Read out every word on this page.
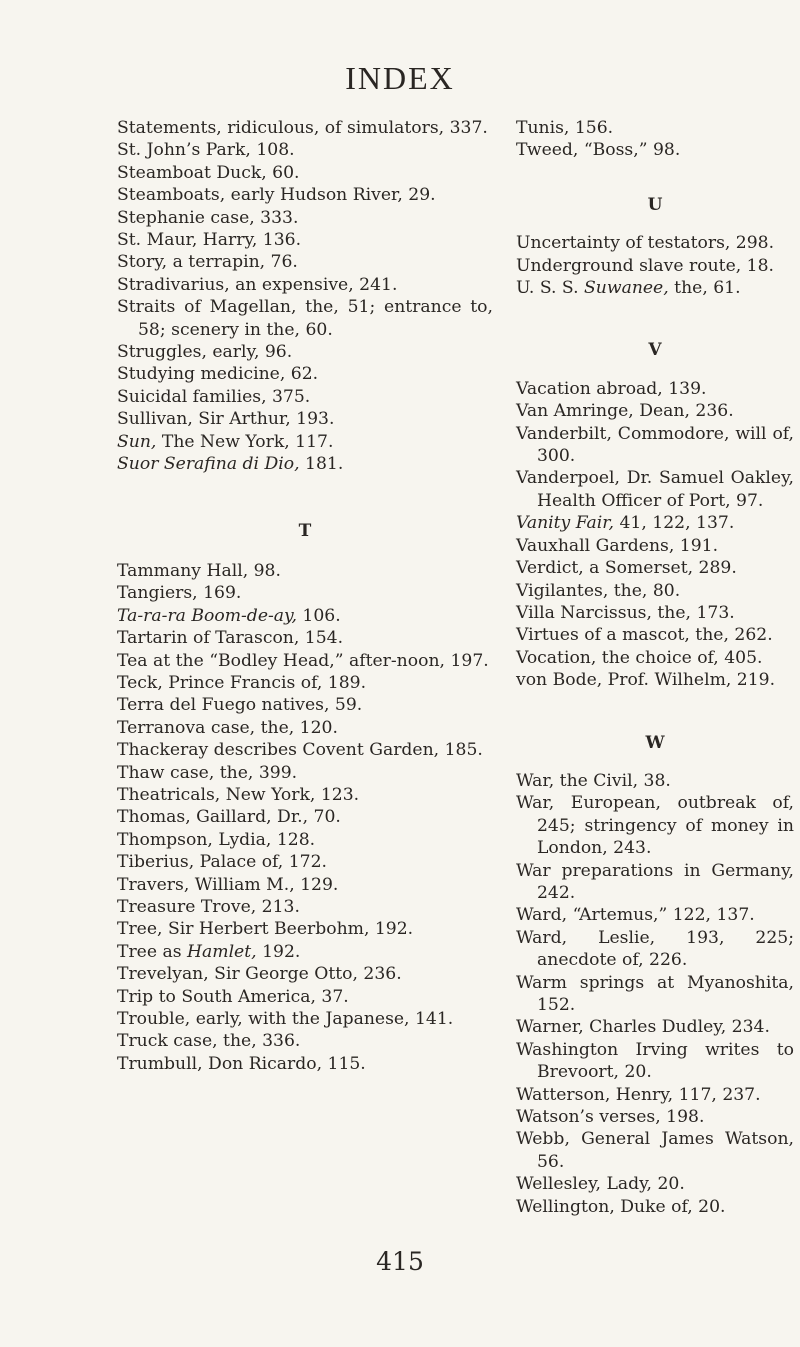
INDEX
Statements, ridiculous, of simulators, 337.
St. John’s Park, 108.
Steamboat Duck, 60.
Steamboats, early Hudson River, 29.
Stephanie case, 333.
St. Maur, Harry, 136.
Story, a terrapin, 76.
Stradivarius, an expensive, 241.
Straits of Magellan, the, 51; entrance to, 58; scenery in the, 60.
Struggles, early, 96.
Studying medicine, 62.
Suicidal families, 375.
Sullivan, Sir Arthur, 193.
Sun, The New York, 117.
Suor Serafina di Dio, 181.
T
Tammany Hall, 98.
Tangiers, 169.
Ta-ra-ra Boom-de-ay, 106.
Tartarin of Tarascon, 154.
Tea at the “Bodley Head,” after-noon, 197.
Teck, Prince Francis of, 189.
Terra del Fuego natives, 59.
Terranova case, the, 120.
Thackeray describes Covent Garden, 185.
Thaw case, the, 399.
Theatricals, New York, 123.
Thomas, Gaillard, Dr., 70.
Thompson, Lydia, 128.
Tiberius, Palace of, 172.
Travers, William M., 129.
Treasure Trove, 213.
Tree, Sir Herbert Beerbohm, 192.
Tree as Hamlet, 192.
Trevelyan, Sir George Otto, 236.
Trip to South America, 37.
Trouble, early, with the Japanese, 141.
Truck case, the, 336.
Trumbull, Don Ricardo, 115.
Tunis, 156.
Tweed, “Boss,” 98.
U
Uncertainty of testators, 298.
Underground slave route, 18.
U. S. S. Suwanee, the, 61.
V
Vacation abroad, 139.
Van Amringe, Dean, 236.
Vanderbilt, Commodore, will of, 300.
Vanderpoel, Dr. Samuel Oakley, Health Officer of Port, 97.
Vanity Fair, 41, 122, 137.
Vauxhall Gardens, 191.
Verdict, a Somerset, 289.
Vigilantes, the, 80.
Villa Narcissus, the, 173.
Virtues of a mascot, the, 262.
Vocation, the choice of, 405.
von Bode, Prof. Wilhelm, 219.
W
War, the Civil, 38.
War, European, outbreak of, 245; stringency of money in London, 243.
War preparations in Germany, 242.
Ward, “Artemus,” 122, 137.
Ward, Leslie, 193, 225; anecdote of, 226.
Warm springs at Myanoshita, 152.
Warner, Charles Dudley, 234.
Washington Irving writes to Brevoort, 20.
Watterson, Henry, 117, 237.
Watson’s verses, 198.
Webb, General James Watson, 56.
Wellesley, Lady, 20.
Wellington, Duke of, 20.
415
